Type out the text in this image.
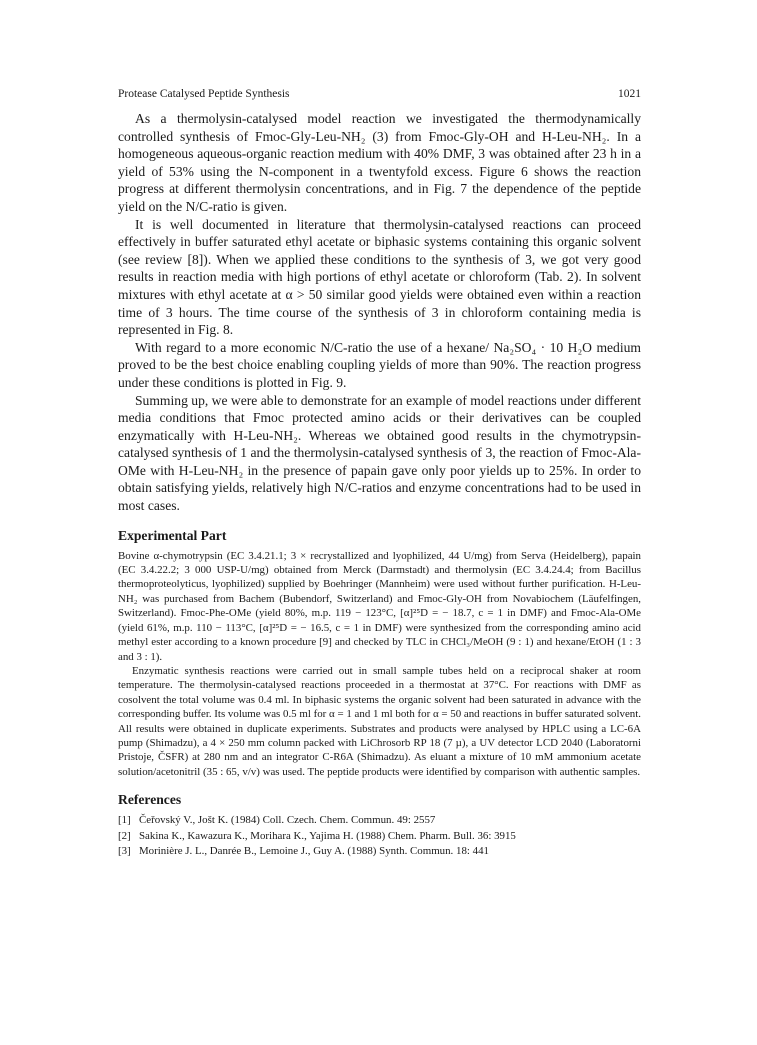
Protease Catalysed Peptide Synthesis	1021

As a thermolysin-catalysed model reaction we investigated the thermodynamically controlled synthesis of Fmoc-Gly-Leu-NH₂ (3) from Fmoc-Gly-OH and H-Leu-NH₂. In a homogeneous aqueous-organic reaction medium with 40% DMF, 3 was obtained after 23 h in a yield of 53% using the N-component in a twentyfold excess. Figure 6 shows the reaction progress at different thermolysin concentrations, and in Fig. 7 the dependence of the peptide yield on the N/C-ratio is given.

It is well documented in literature that thermolysin-catalysed reactions can proceed effectively in buffer saturated ethyl acetate or biphasic systems containing this organic solvent (see review [8]). When we applied these conditions to the synthesis of 3, we got very good results in reaction media with high portions of ethyl acetate or chloroform (Tab. 2). In solvent mixtures with ethyl acetate at α > 50 similar good yields were obtained even within a reaction time of 3 hours. The time course of the synthesis of 3 in chloroform containing media is represented in Fig. 8.

With regard to a more economic N/C-ratio the use of a hexane/ Na₂SO₄ · 10 H₂O medium proved to be the best choice enabling coupling yields of more than 90%. The reaction progress under these conditions is plotted in Fig. 9.

Summing up, we were able to demonstrate for an example of model reactions under different media conditions that Fmoc protected amino acids or their derivatives can be coupled enzymatically with H-Leu-NH₂. Whereas we obtained good results in the chymotrypsin-catalysed synthesis of 1 and the thermolysin-catalysed synthesis of 3, the reaction of Fmoc-Ala-OMe with H-Leu-NH₂ in the presence of papain gave only poor yields up to 25%. In order to obtain satisfying yields, relatively high N/C-ratios and enzyme concentrations had to be used in most cases.

Experimental Part

Bovine α-chymotrypsin (EC 3.4.21.1; 3 × recrystallized and lyophilized, 44 U/mg) from Serva (Heidelberg), papain (EC 3.4.22.2; 3 000 USP-U/mg) obtained from Merck (Darmstadt) and thermolysin (EC 3.4.24.4; from Bacillus thermoproteolyticus, lyophilized) supplied by Boehringer (Mannheim) were used without further purification. H-Leu-NH₂ was purchased from Bachem (Bubendorf, Switzerland) and Fmoc-Gly-OH from Novabiochem (Läufelfingen, Switzerland). Fmoc-Phe-OMe (yield 80%, m.p. 119 − 123°C, [α]²⁵D = − 18.7, c = 1 in DMF) and Fmoc-Ala-OMe (yield 61%, m.p. 110 − 113°C, [α]²⁵D = − 16.5, c = 1 in DMF) were synthesized from the corresponding amino acid methyl ester according to a known procedure [9] and checked by TLC in CHCl₃/MeOH (9 : 1) and hexane/EtOH (1 : 3 and 3 : 1).

Enzymatic synthesis reactions were carried out in small sample tubes held on a reciprocal shaker at room temperature. The thermolysin-catalysed reactions proceeded in a thermostat at 37°C. For reactions with DMF as cosolvent the total volume was 0.4 ml. In biphasic systems the organic solvent had been saturated in advance with the corresponding buffer. Its volume was 0.5 ml for α = 1 and 1 ml both for α = 50 and reactions in buffer saturated solvent. All results were obtained in duplicate experiments. Substrates and products were analysed by HPLC using a LC-6A pump (Shimadzu), a 4 × 250 mm column packed with LiChrosorb RP 18 (7 µ), a UV detector LCD 2040 (Laboratorni Pristoje, ČSFR) at 280 nm and an integrator C-R6A (Shimadzu). As eluant a mixture of 10 mM ammonium acetate solution/acetonitril (35 : 65, v/v) was used. The peptide products were identified by comparison with authentic samples.

References
[1] Čeřovský V., Jošt K. (1984) Coll. Czech. Chem. Commun. 49: 2557
[2] Sakina K., Kawazura K., Morihara K., Yajima H. (1988) Chem. Pharm. Bull. 36: 3915
[3] Morinière J. L., Danrée B., Lemoine J., Guy A. (1988) Synth. Commun. 18: 441
